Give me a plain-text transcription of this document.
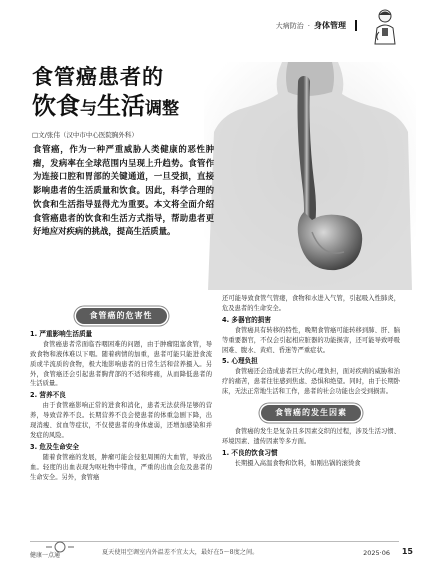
大病防治 · 身体管理
食管癌患者的
饮食与生活调整
□文/张伟（汉中市中心医院胸外科）
食管癌，作为一种严重威胁人类健康的恶性肿瘤，发病率在全球范围内呈现上升趋势。食管作为连接口腔和胃部的关键通道，一旦受损，直接影响患者的生活质量和饮食。因此，科学合理的饮食和生活指导显得尤为重要。本文将全面介绍食管癌患者的饮食和生活方式指导，帮助患者更好地应对疾病的挑战，提高生活质量。
食管癌的危害性
1. 严重影响生活质量

食管癌患者常面临吞咽困难的问题，由于肿瘤阻塞食管，导致食物和液体难以下咽。随着病情的加重，患者可能只能进食流质或半流质的食物，极大地影响患者的日常生活和营养摄入。另外，食管癌还会引起患者胸背部的不适和疼痛，从而降低患者的生活质量。

2. 营养不良

由于食管癌影响正常的进食和消化，患者无法获得足够的营养，导致营养不良。长期营养不良会使患者的体重急剧下降，出现消瘦、贫血等症状，不仅使患者的身体虚弱，还增加感染和并发症的风险。

3. 危及生命安全

随着食管癌的发展，肿瘤可能会侵犯周围的大血管，导致出血。轻度的出血表现为呕吐物中带血，严重的出血会危及患者的生命安全。另外，食管癌

还可能导致食管气管瘘，食物和水进入气管，引起吸入性肺炎，危及患者的生命安全。

4. 多器官的损害

食管癌具有转移的特性，晚期食管癌可能转移到肺、肝、脑等重要器官，不仅会引起相应脏器的功能损害，还可能导致呼吸困难、腹水、黄疸、昏迷等严重症状。

5. 心理负担

食管癌还会造成患者巨大的心理负担，面对疾病的威胁和治疗的痛苦，患者往往感到焦虑、恐惧和绝望。同时，由于长期卧床，无法正常地生活和工作，患者的社会功能也会受到损害。

食管癌的发生因素

食管癌的发生是复杂且多因素交织的过程，涉及生活习惯、环境因素、遗传因素等多方面。

1. 不良的饮食习惯

长期摄入高温食物和饮料，如刚出锅的滚烫食

健康一点通	夏天使用空调室内外温差不宜太大，最好在5～8度之间。	2025·06 15
